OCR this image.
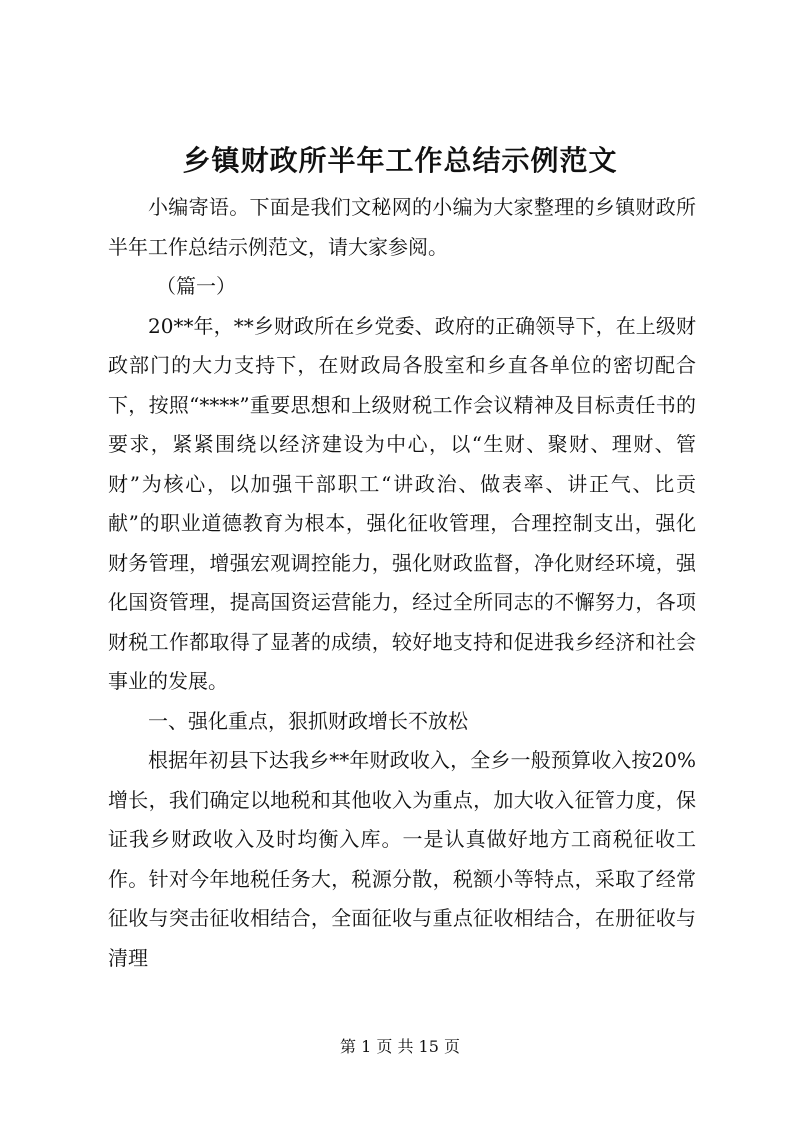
乡镇财政所半年工作总结示例范文

小编寄语。下面是我们文秘网的小编为大家整理的乡镇财政所半年工作总结示例范文，请大家参阅。

（篇一）

20**年，**乡财政所在乡党委、政府的正确领导下，在上级财政部门的大力支持下，在财政局各股室和乡直各单位的密切配合下，按照“****”重要思想和上级财税工作会议精神及目标责任书的要求，紧紧围绕以经济建设为中心，以“生财、聚财、理财、管财”为核心，以加强干部职工“讲政治、做表率、讲正气、比贡献”的职业道德教育为根本，强化征收管理，合理控制支出，强化财务管理，增强宏观调控能力，强化财政监督，净化财经环境，强化国资管理，提高国资运营能力，经过全所同志的不懈努力，各项财税工作都取得了显著的成绩，较好地支持和促进我乡经济和社会事业的发展。

一、强化重点，狠抓财政增长不放松

根据年初县下达我乡**年财政收入，全乡一般预算收入按20%增长，我们确定以地税和其他收入为重点，加大收入征管力度，保证我乡财政收入及时均衡入库。一是认真做好地方工商税征收工作。针对今年地税任务大，税源分散，税额小等特点，采取了经常征收与突击征收相结合，全面征收与重点征收相结合，在册征收与清理

第 1 页 共 15 页
